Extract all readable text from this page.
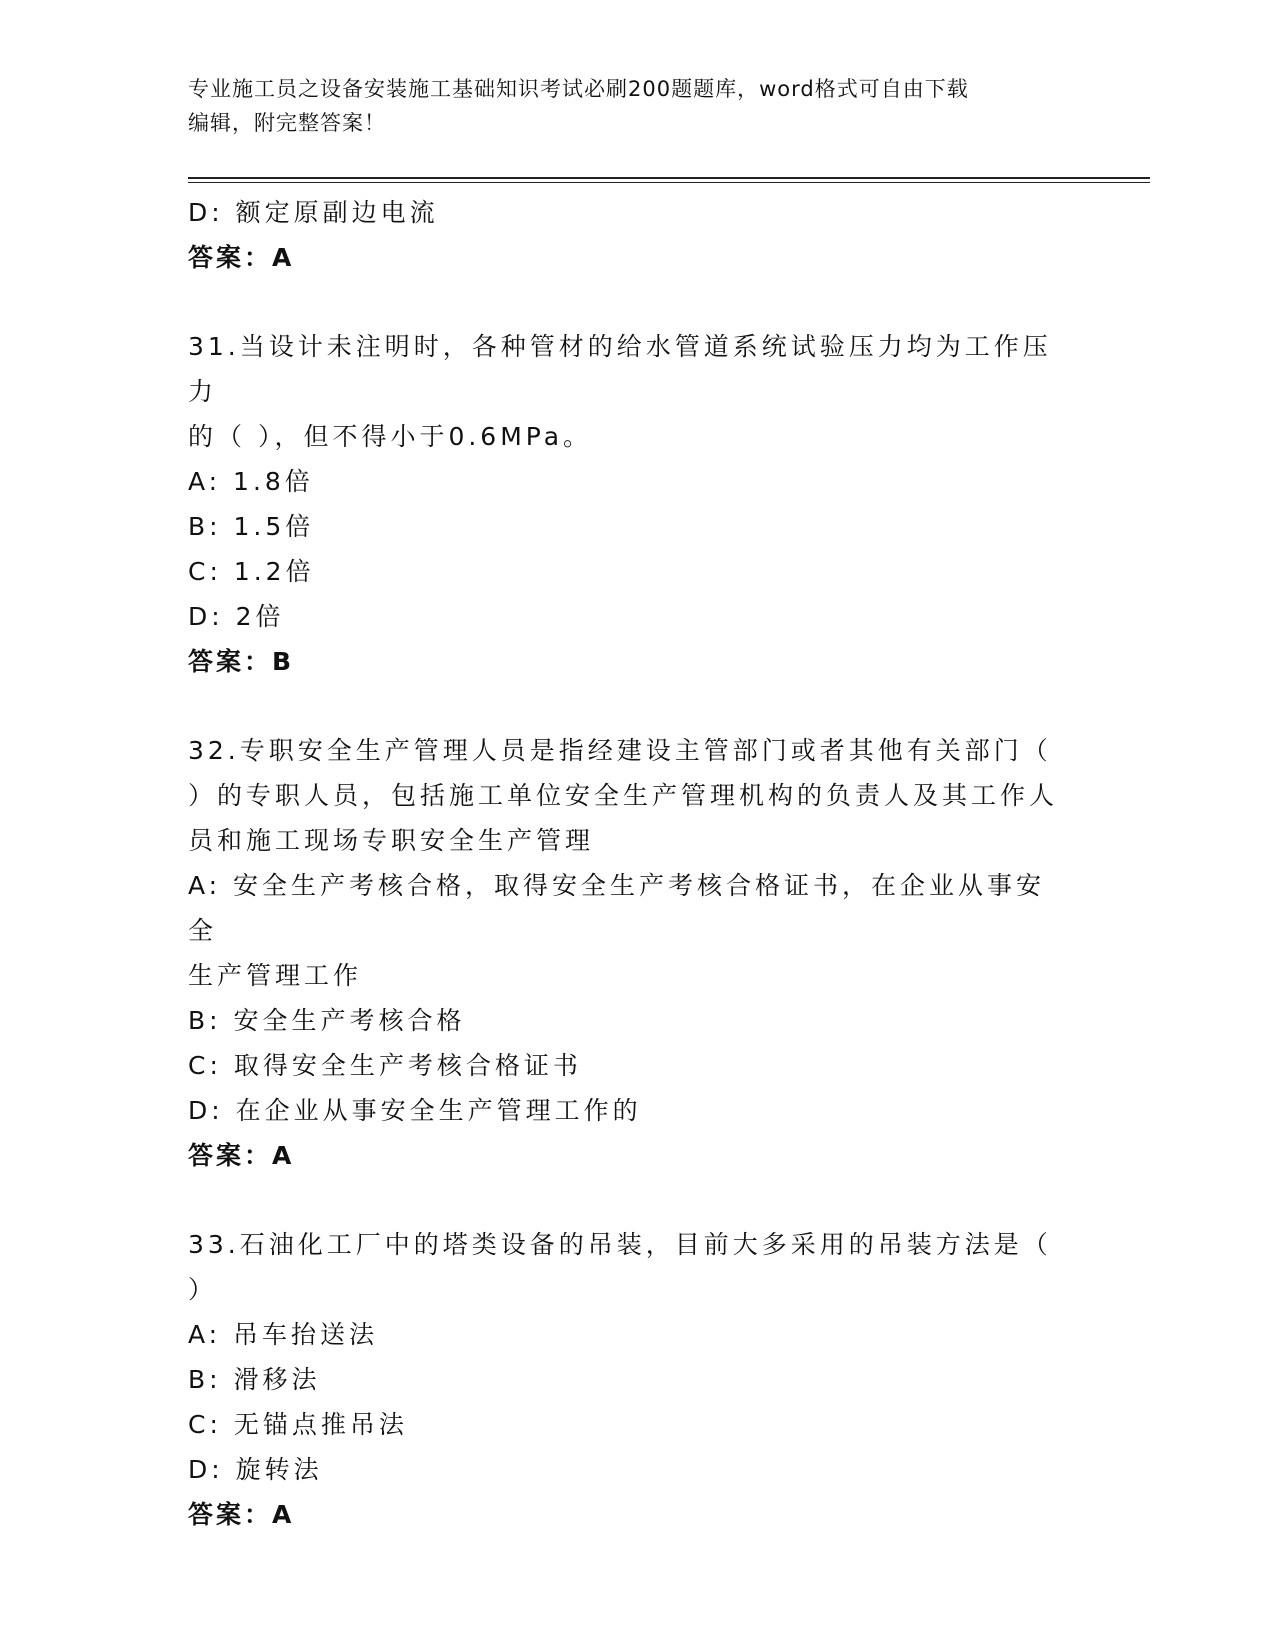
专业施工员之设备安装施工基础知识考试必刷200题题库，word格式可自由下载
编辑，附完整答案！

D: 额定原副边电流

答案：A

31.当设计未注明时，各种管材的给水管道系统试验压力均为工作压力

的（ ），但不得小于0.6MPa。

A: 1.8倍

B: 1.5倍

C: 1.2倍

D: 2倍

答案：B

32.专职安全生产管理人员是指经建设主管部门或者其他有关部门（

）的专职人员，包括施工单位安全生产管理机构的负责人及其工作人

员和施工现场专职安全生产管理

A: 安全生产考核合格，取得安全生产考核合格证书，在企业从事安全

生产管理工作

B: 安全生产考核合格

C: 取得安全生产考核合格证书

D: 在企业从事安全生产管理工作的

答案：A

33.石油化工厂中的塔类设备的吊装，目前大多采用的吊装方法是（

）

A: 吊车抬送法

B: 滑移法

C: 无锚点推吊法

D: 旋转法

答案：A
